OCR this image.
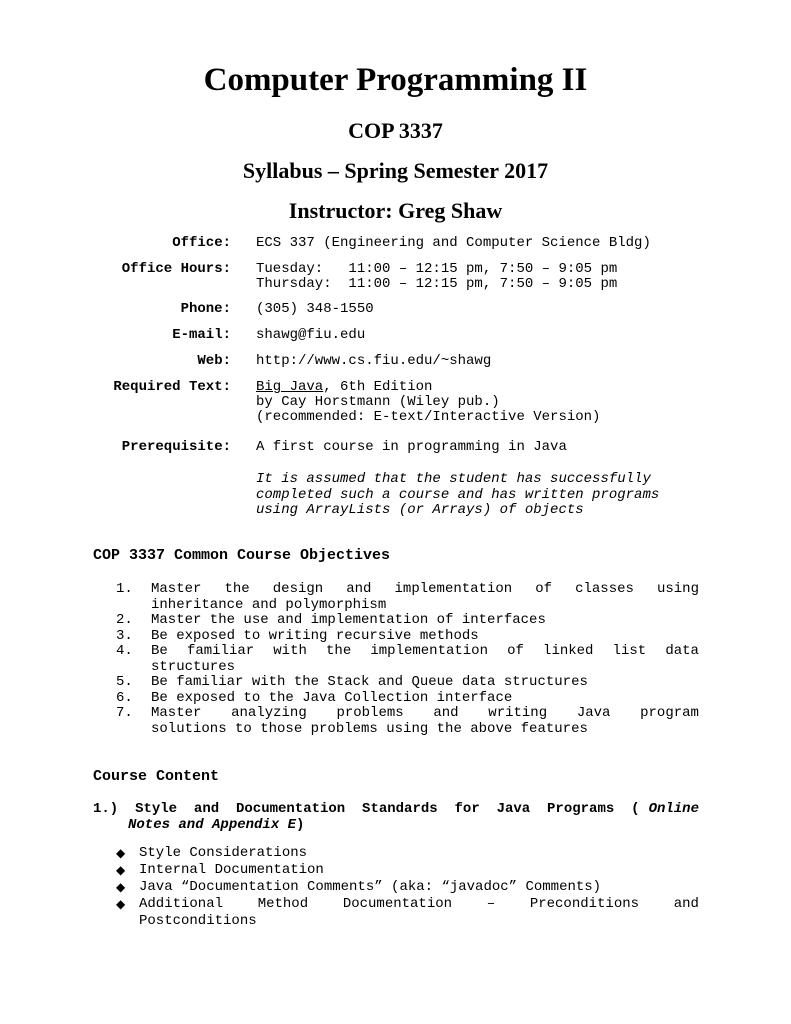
Computer Programming II
COP 3337
Syllabus – Spring Semester 2017
Instructor: Greg Shaw
Office: ECS 337 (Engineering and Computer Science Bldg)
Office Hours: Tuesday:   11:00 – 12:15 pm, 7:50 – 9:05 pm
Thursday:  11:00 – 12:15 pm, 7:50 – 9:05 pm
Phone: (305) 348-1550
E-mail: shawg@fiu.edu
Web: http://www.cs.fiu.edu/~shawg
Required Text: Big Java, 6th Edition
by Cay Horstmann (Wiley pub.)
(recommended: E-text/Interactive Version)
Prerequisite: A first course in programming in Java
It is assumed that the student has successfully
completed such a course and has written programs
using ArrayLists (or Arrays) of objects
COP 3337 Common Course Objectives
1. Master the design and implementation of classes using
inheritance and polymorphism
2. Master the use and implementation of interfaces
3. Be exposed to writing recursive methods
4. Be familiar with the implementation of linked list data
structures
5. Be familiar with the Stack and Queue data structures
6. Be exposed to the Java Collection interface
7. Master analyzing problems and writing Java program
solutions to those problems using the above features
Course Content
1.) Style and Documentation Standards for Java Programs ( Online
Notes and Appendix E)
◆ Style Considerations
◆ Internal Documentation
◆ Java “Documentation Comments” (aka: “javadoc” Comments)
◆ Additional Method Documentation – Preconditions and
Postconditions
